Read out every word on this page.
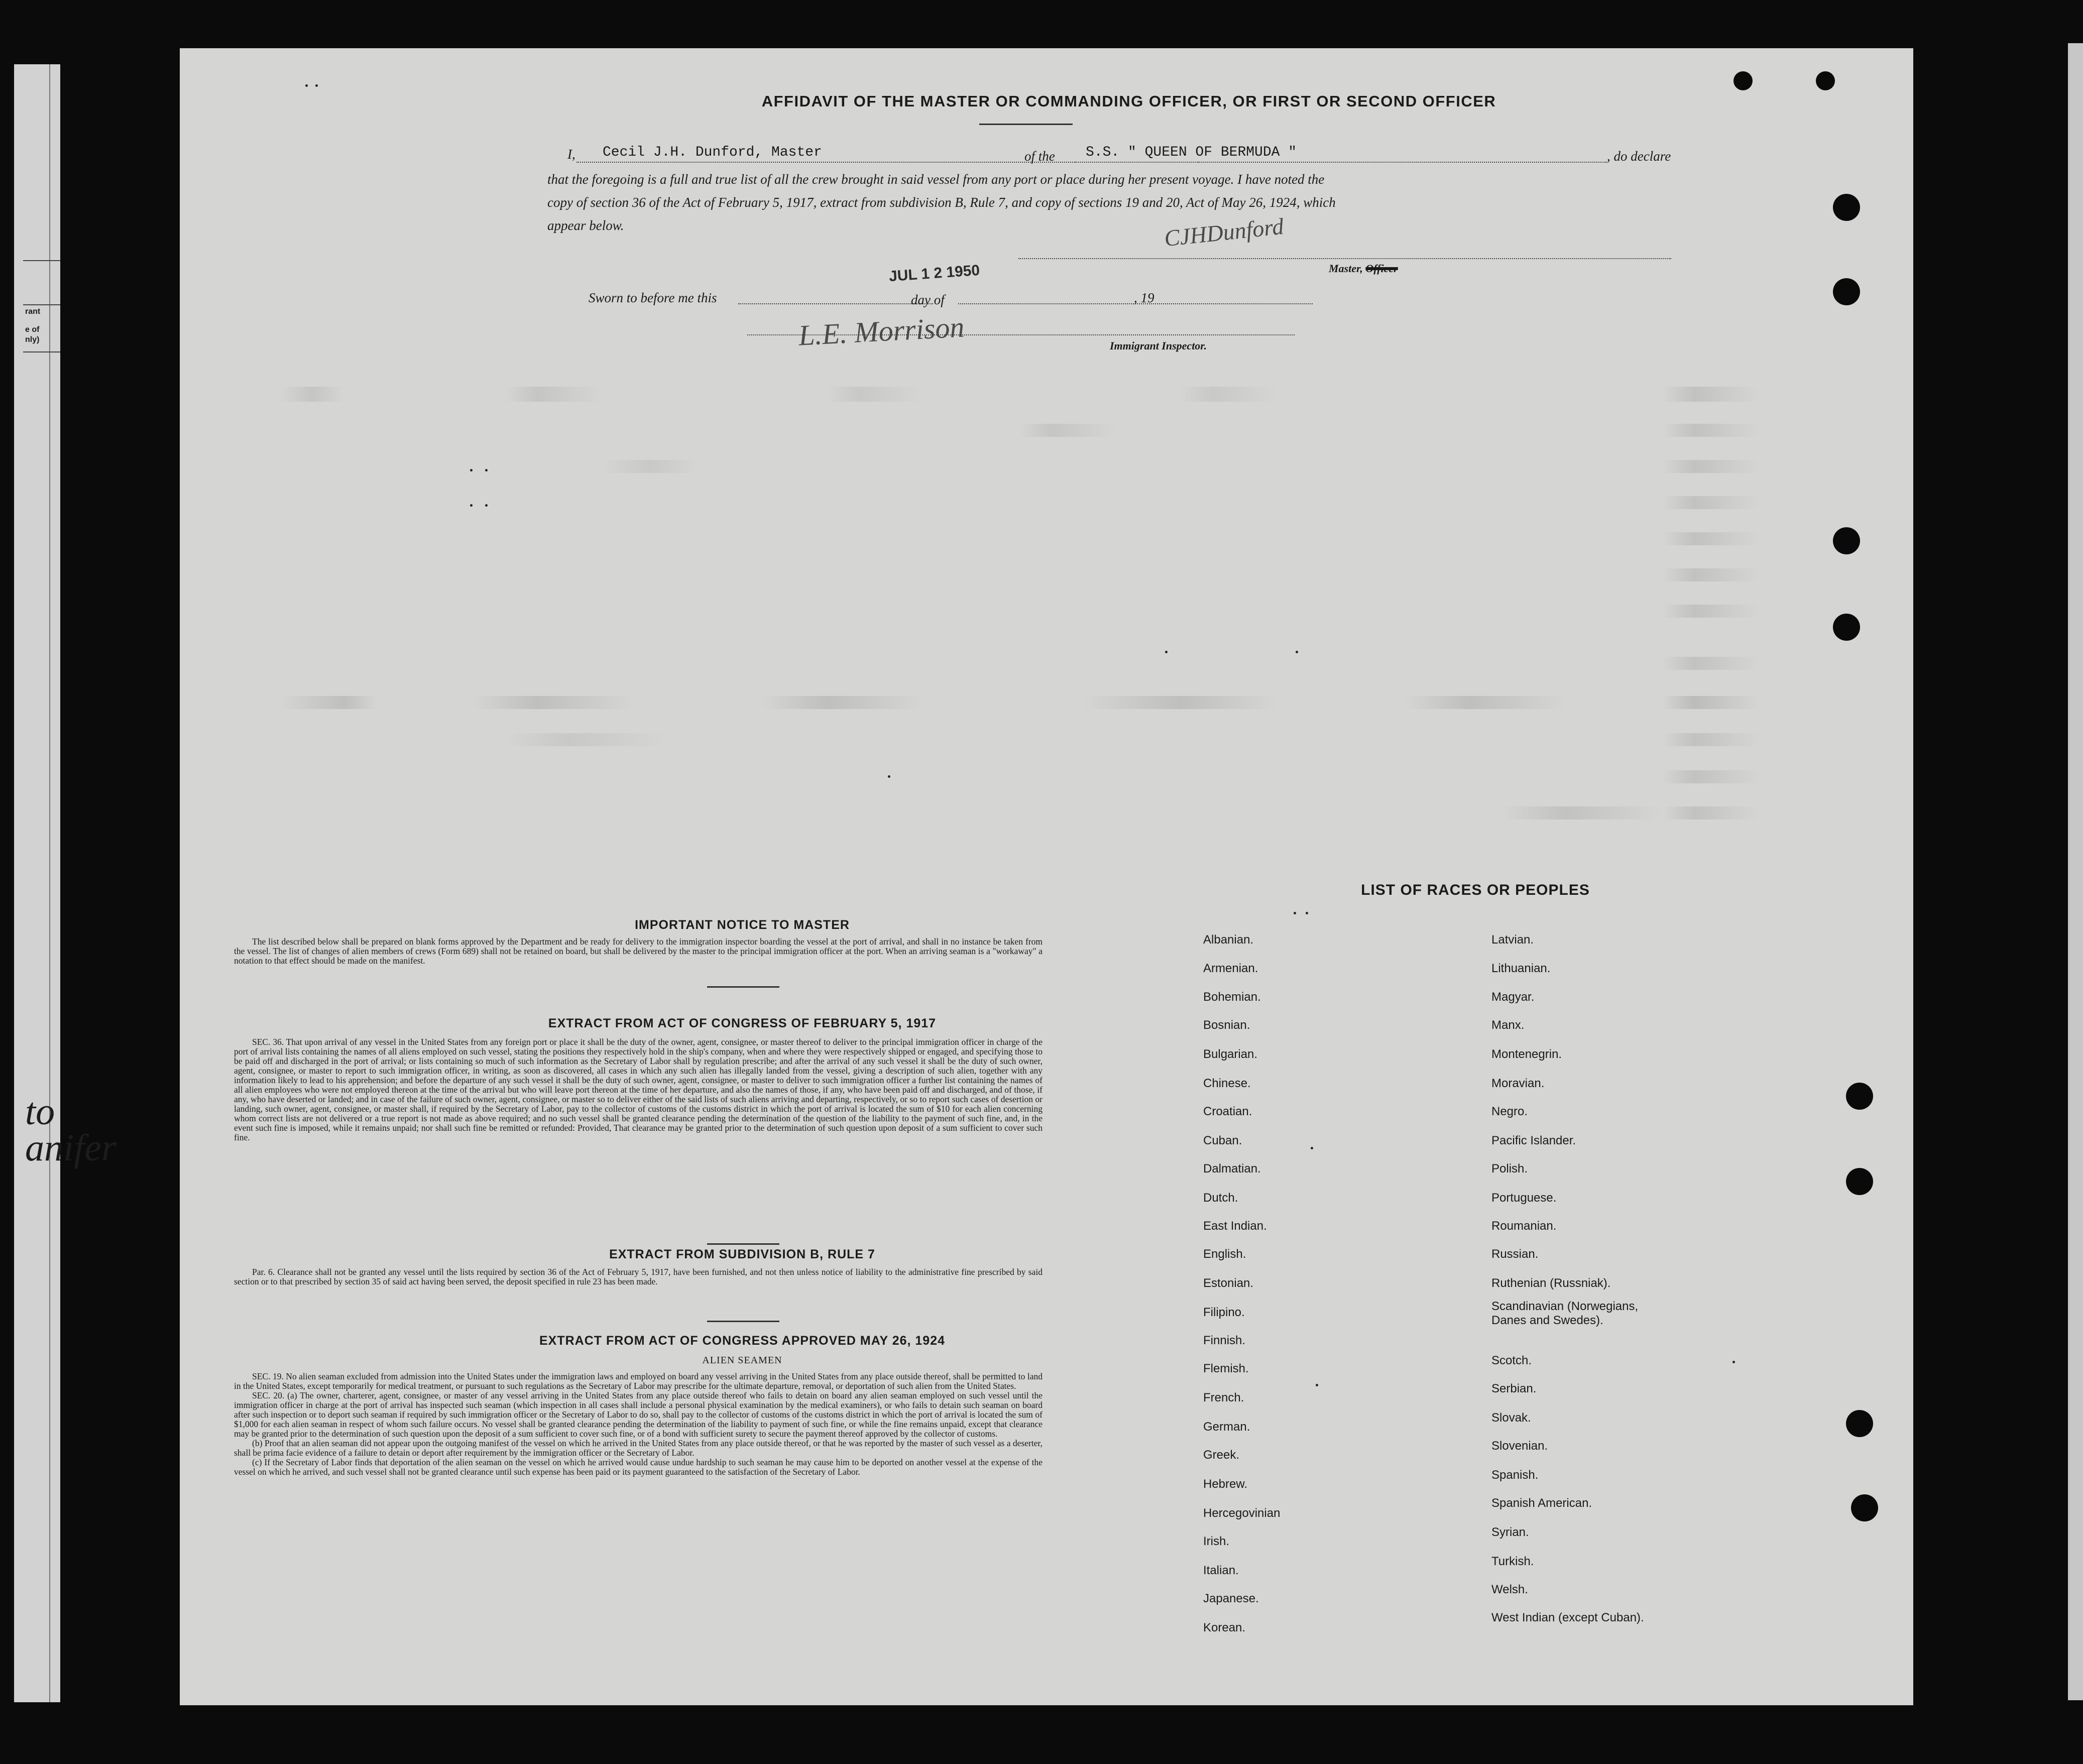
rant
e of
nly)
to
anifer
AFFIDAVIT OF THE MASTER OR COMMANDING OFFICER, OR FIRST OR SECOND OFFICER
I, Cecil J.H. Dunford, Master	of the S.S. " QUEEN OF BERMUDA "	, do declare
that the foregoing is a full and true list of all the crew brought in said vessel from any port or place during her present voyage. I have noted the
copy of section 36 of the Act of February 5, 1917, extract from subdivision B, Rule 7, and copy of sections 19 and 20, Act of May 26, 1924, which
appear below.	CJHDunford
Master, Officer
Sworn to before me this
JUL 1 2 1950
day of	, 19
L.E. Morrison	Immigrant Inspector.
IMPORTANT NOTICE TO MASTER

The list described below shall be prepared on blank forms approved by the Department and be ready for delivery to the immigration inspector boarding the vessel at the port of arrival, and shall in no instance be taken from the vessel. The list of changes of alien members of crews (Form 689) shall not be retained on board, but shall be delivered by the master to the principal immigration officer at the port. When an arriving seaman is a "workaway" a notation to that effect should be made on the manifest.

EXTRACT FROM ACT OF CONGRESS OF FEBRUARY 5, 1917

SEC. 36. That upon arrival of any vessel in the United States from any foreign port or place it shall be the duty of the owner, agent, consignee, or master thereof to deliver to the principal immigration officer in charge of the port of arrival lists containing the names of all aliens employed on such vessel, stating the positions they respectively hold in the ship's company, when and where they were respectively shipped or engaged, and specifying those to be paid off and discharged in the port of arrival; or lists containing so much of such information as the Secretary of Labor shall by regulation prescribe; and after the arrival of any such vessel it shall be the duty of such owner, agent, consignee, or master to report to such immigration officer, in writing, as soon as discovered, all cases in which any such alien has illegally landed from the vessel, giving a description of such alien, together with any information likely to lead to his apprehension; and before the departure of any such vessel it shall be the duty of such owner, agent, consignee, or master to deliver to such immigration officer a further list containing the names of all alien employees who were not employed thereon at the time of the arrival but who will leave port thereon at the time of her departure, and also the names of those, if any, who have been paid off and discharged, and of those, if any, who have deserted or landed; and in case of the failure of such owner, agent, consignee, or master so to deliver either of the said lists of such aliens arriving and departing, respectively, or so to report such cases of desertion or landing, such owner, agent, consignee, or master shall, if required by the Secretary of Labor, pay to the collector of customs of the customs district in which the port of arrival is located the sum of $10 for each alien concerning whom correct lists are not delivered or a true report is not made as above required; and no such vessel shall be granted clearance pending the determination of the question of the liability to the payment of such fine, and, in the event such fine is imposed, while it remains unpaid; nor shall such fine be remitted or refunded: Provided, That clearance may be granted prior to the determination of such question upon deposit of a sum sufficient to cover such fine.

EXTRACT FROM SUBDIVISION B, RULE 7

Par. 6. Clearance shall not be granted any vessel until the lists required by section 36 of the Act of February 5, 1917, have been furnished, and not then unless notice of liability to the administrative fine prescribed by said section or to that prescribed by section 35 of said act having been served, the deposit specified in rule 23 has been made.

EXTRACT FROM ACT OF CONGRESS APPROVED MAY 26, 1924
ALIEN SEAMEN

SEC. 19. No alien seaman excluded from admission into the United States under the immigration laws and employed on board any vessel arriving in the United States from any place outside thereof, shall be permitted to land in the United States, except temporarily for medical treatment, or pursuant to such regulations as the Secretary of Labor may prescribe for the ultimate departure, removal, or deportation of such alien from the United States.

SEC. 20. (a) The owner, charterer, agent, consignee, or master of any vessel arriving in the United States from any place outside thereof who fails to detain on board any alien seaman employed on such vessel until the immigration officer in charge at the port of arrival has inspected such seaman (which inspection in all cases shall include a personal physical examination by the medical examiners), or who fails to detain such seaman on board after such inspection or to deport such seaman if required by such immigration officer or the Secretary of Labor to do so, shall pay to the collector of customs of the customs district in which the port of arrival is located the sum of $1,000 for each alien seaman in respect of whom such failure occurs. No vessel shall be granted clearance pending the determination of the liability to payment of such fine, or while the fine remains unpaid, except that clearance may be granted prior to the determination of such question upon the deposit of a sum sufficient to cover such fine, or of a bond with sufficient surety to secure the payment thereof approved by the collector of customs.

(b) Proof that an alien seaman did not appear upon the outgoing manifest of the vessel on which he arrived in the United States from any place outside thereof, or that he was reported by the master of such vessel as a deserter, shall be prima facie evidence of a failure to detain or deport after requirement by the immigration officer or the Secretary of Labor.

(c) If the Secretary of Labor finds that deportation of the alien seaman on the vessel on which he arrived would cause undue hardship to such seaman he may cause him to be deported on another vessel at the expense of the vessel on which he arrived, and such vessel shall not be granted clearance until such expense has been paid or its payment guaranteed to the satisfaction of the Secretary of Labor.

LIST OF RACES OR PEOPLES
Albanian.
Armenian.
Bohemian.
Bosnian.
Bulgarian.
Chinese.
Croatian.
Cuban.
Dalmatian.
Dutch.
East Indian.
English.
Estonian.
Filipino.
Finnish.
Flemish.
French.
German.
Greek.
Hebrew.
Hercegovinian
Irish.
Italian.
Japanese.
Korean.
Latvian.
Lithuanian.
Magyar.
Manx.
Montenegrin.
Moravian.
Negro.
Pacific Islander.
Polish.
Portuguese.
Roumanian.
Russian.
Ruthenian (Russniak).
Scandinavian (Norwegians,
Danes and Swedes).
Scotch.
Serbian.
Slovak.
Slovenian.
Spanish.
Spanish American.
Syrian.
Turkish.
Welsh.
West Indian (except Cuban).
